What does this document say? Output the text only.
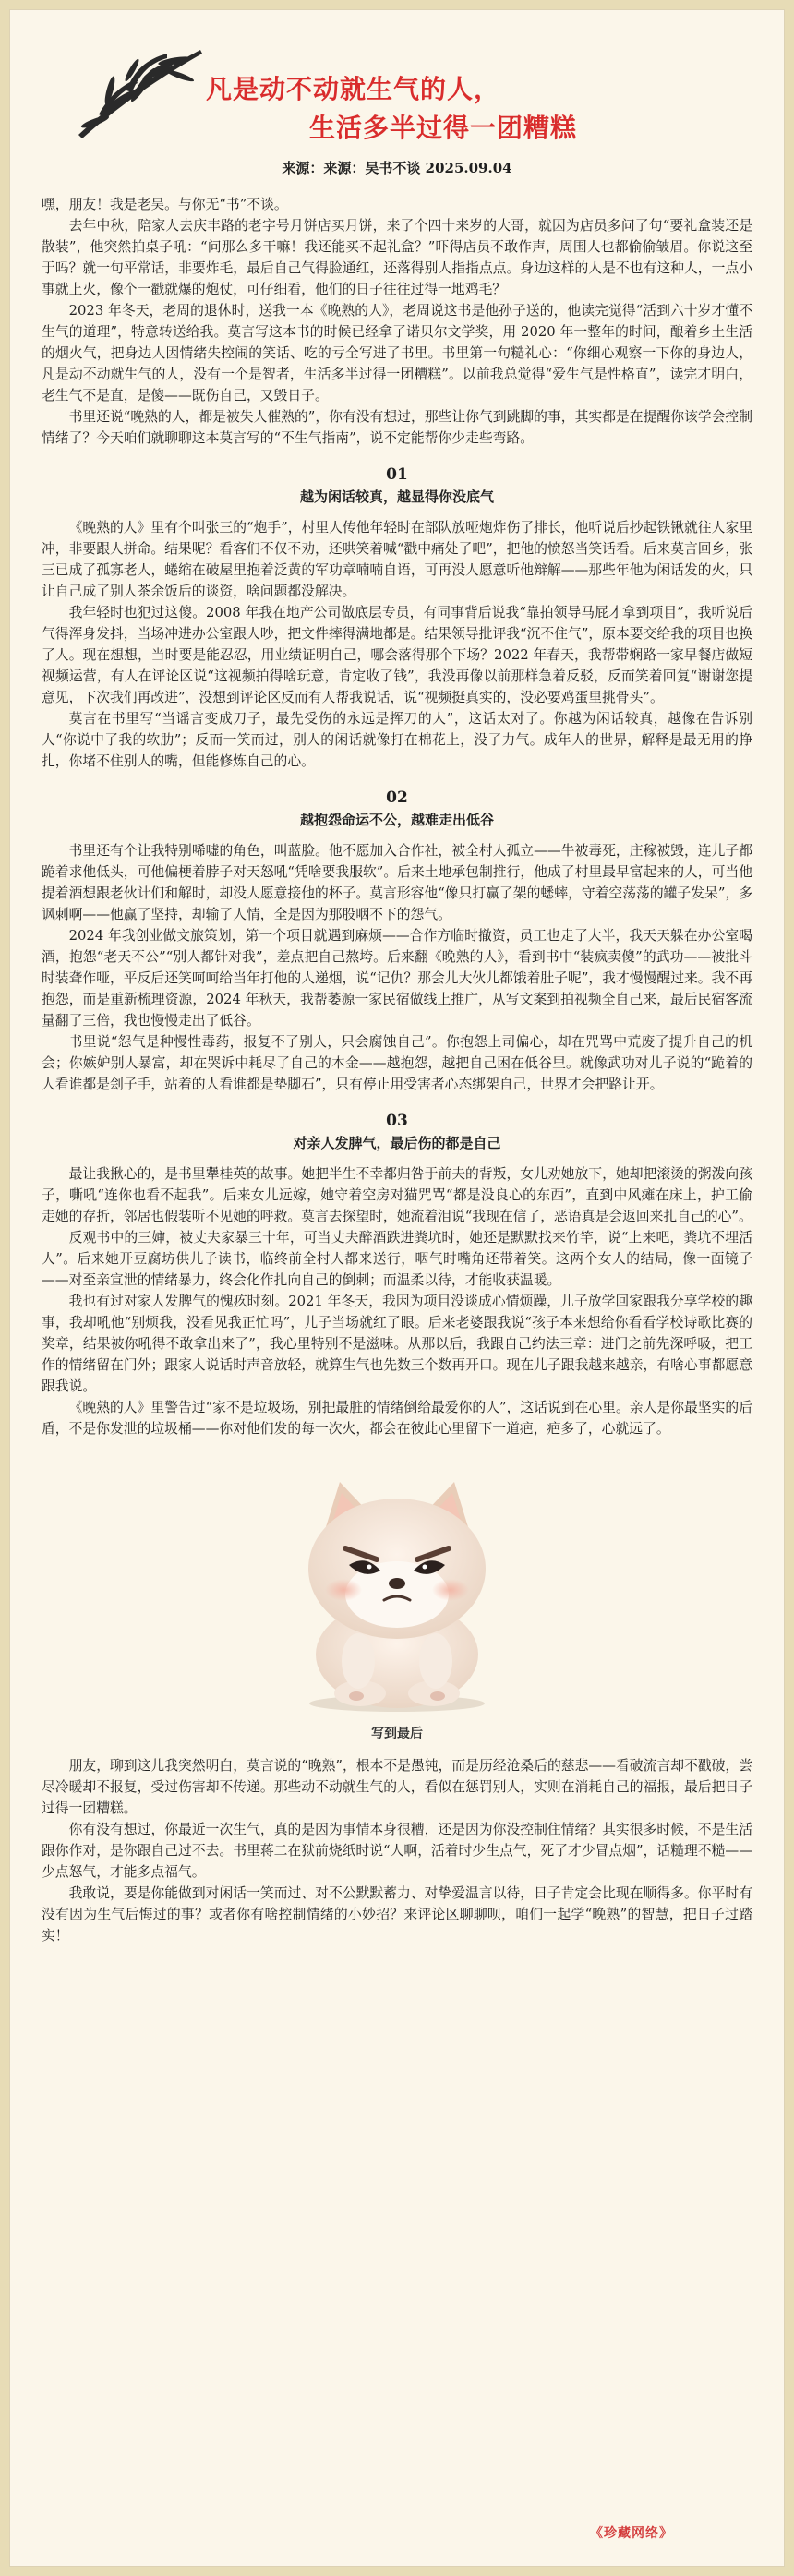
凡是动不动就生气的人，
生活多半过得一团糟糕
来源：来源：吴书不谈 2025.09.04

嘿，朋友！我是老吴。与你无“书”不谈。

去年中秋，陪家人去庆丰路的老字号月饼店买月饼，来了个四十来岁的大哥，就因为店员多问了句“要礼盒装还是散装”，他突然拍桌子吼：“问那么多干嘛！我还能买不起礼盒？”吓得店员不敢作声，周围人也都偷偷皱眉。你说这至于吗？就一句平常话，非要炸毛，最后自己气得脸通红，还落得别人指指点点。身边这样的人是不也有这种人，一点小事就上火，像个一戳就爆的炮仗，可仔细看，他们的日子往往过得一地鸡毛？

2023 年冬天，老周的退休时，送我一本《晚熟的人》，老周说这书是他孙子送的，他读完觉得“活到六十岁才懂不生气的道理”，特意转送给我。莫言写这本书的时候已经拿了诺贝尔文学奖，用 2020 年一整年的时间，酿着乡土生活的烟火气，把身边人因情绪失控闹的笑话、吃的亏全写进了书里。书里第一句糙礼心：“你细心观察一下你的身边人，凡是动不动就生气的人，没有一个是智者，生活多半过得一团糟糕”。以前我总觉得“爱生气是性格直”，读完才明白，老生气不是直，是傻——既伤自己，又毁日子。

书里还说“晚熟的人，都是被失人催熟的”，你有没有想过，那些让你气到跳脚的事，其实都是在提醒你该学会控制情绪了？今天咱们就聊聊这本莫言写的“不生气指南”，说不定能帮你少走些弯路。

01
越为闲话较真，越显得你没底气

《晚熟的人》里有个叫张三的“炮手”，村里人传他年轻时在部队放哑炮炸伤了排长，他听说后抄起铁锹就往人家里冲，非要跟人拼命。结果呢？看客们不仅不劝，还哄笑着喊“戳中痛处了吧”，把他的愤怒当笑话看。后来莫言回乡，张三已成了孤寡老人，蜷缩在破屋里抱着泛黄的军功章喃喃自语，可再没人愿意听他辩解——那些年他为闲话发的火，只让自己成了别人茶余饭后的谈资，啥问题都没解决。

我年轻时也犯过这傻。2008 年我在地产公司做底层专员，有同事背后说我“靠拍领导马屁才拿到项目”，我听说后气得浑身发抖，当场冲进办公室跟人吵，把文件摔得满地都是。结果领导批评我“沉不住气”，原本要交给我的项目也换了人。现在想想，当时要是能忍忍，用业绩证明自己，哪会落得那个下场？2022 年春天，我帮带娴路一家早餐店做短视频运营，有人在评论区说“这视频拍得啥玩意，肯定收了钱”，我没再像以前那样急着反驳，反而笑着回复“谢谢您提意见，下次我们再改进”，没想到评论区反而有人帮我说话，说“视频挺真实的，没必要鸡蛋里挑骨头”。

莫言在书里写“当谣言变成刀子，最先受伤的永远是挥刀的人”，这话太对了。你越为闲话较真，越像在告诉别人“你说中了我的软肋”；反而一笑而过，别人的闲话就像打在棉花上，没了力气。成年人的世界，解释是最无用的挣扎，你堵不住别人的嘴，但能修炼自己的心。

02
越抱怨命运不公，越难走出低谷

书里还有个让我特别唏嘘的角色，叫蓝脸。他不愿加入合作社，被全村人孤立——牛被毒死，庄稼被毁，连儿子都跪着求他低头，可他偏梗着脖子对天怒吼“凭啥要我服软”。后来土地承包制推行，他成了村里最早富起来的人，可当他提着酒想跟老伙计们和解时，却没人愿意接他的杯子。莫言形容他“像只打赢了架的蟋蟀，守着空荡荡的罐子发呆”，多讽刺啊——他赢了坚持，却输了人情，全是因为那股咽不下的怨气。

2024 年我创业做文旅策划，第一个项目就遇到麻烦——合作方临时撤资，员工也走了大半，我天天躲在办公室喝酒，抱怨“老天不公”“别人都针对我”，差点把自己熬垮。后来翻《晚熟的人》，看到书中“装疯卖傻”的武功——被批斗时装聋作哑，平反后还笑呵呵给当年打他的人递烟，说“记仇？那会儿大伙儿都饿着肚子呢”，我才慢慢醒过来。我不再抱怨，而是重新梳理资源，2024 年秋天，我帮萎源一家民宿做线上推广，从写文案到拍视频全自己来，最后民宿客流量翻了三倍，我也慢慢走出了低谷。

书里说“怨气是种慢性毒药，报复不了别人，只会腐蚀自己”。你抱怨上司偏心，却在咒骂中荒废了提升自己的机会；你嫉妒别人暴富，却在哭诉中耗尽了自己的本金——越抱怨，越把自己困在低谷里。就像武功对儿子说的“跪着的人看谁都是刽子手，站着的人看谁都是垫脚石”，只有停止用受害者心态绑架自己，世界才会把路让开。

03
对亲人发脾气，最后伤的都是自己

最让我揪心的，是书里犟桂英的故事。她把半生不幸都归咎于前夫的背叛，女儿劝她放下，她却把滚烫的粥泼向孩子，嘶吼“连你也看不起我”。后来女儿远嫁，她守着空房对猫咒骂“都是没良心的东西”，直到中风瘫在床上，护工偷走她的存折，邻居也假装听不见她的呼救。莫言去探望时，她流着泪说“我现在信了，恶语真是会返回来扎自己的心”。

反观书中的三婶，被丈夫家暴三十年，可当丈夫醉酒跌进粪坑时，她还是默默找来竹竿，说“上来吧，粪坑不埋活人”。后来她开豆腐坊供儿子读书，临终前全村人都来送行，咽气时嘴角还带着笑。这两个女人的结局，像一面镜子——对至亲宣泄的情绪暴力，终会化作扎向自己的倒刺；而温柔以待，才能收获温暖。

我也有过对家人发脾气的愧疚时刻。2021 年冬天，我因为项目没谈成心情烦躁，儿子放学回家跟我分享学校的趣事，我却吼他“别烦我，没看见我正忙吗”，儿子当场就红了眼。后来老婆跟我说“孩子本来想给你看看学校诗歌比赛的奖章，结果被你吼得不敢拿出来了”，我心里特别不是滋味。从那以后，我跟自己约法三章：进门之前先深呼吸，把工作的情绪留在门外；跟家人说话时声音放轻，就算生气也先数三个数再开口。现在儿子跟我越来越亲，有啥心事都愿意跟我说。

《晚熟的人》里警告过“家不是垃圾场，别把最脏的情绪倒给最爱你的人”，这话说到在心里。亲人是你最坚实的后盾，不是你发泄的垃圾桶——你对他们发的每一次火，都会在彼此心里留下一道疤，疤多了，心就远了。

写到最后

朋友，聊到这儿我突然明白，莫言说的“晚熟”，根本不是愚钝，而是历经沧桑后的慈悲——看破流言却不戳破，尝尽冷暖却不报复，受过伤害却不传递。那些动不动就生气的人，看似在惩罚别人，实则在消耗自己的福报，最后把日子过得一团糟糕。

你有没有想过，你最近一次生气，真的是因为事情本身很糟，还是因为你没控制住情绪？其实很多时候，不是生活跟你作对，是你跟自己过不去。书里蒋二在狱前烧纸时说“人啊，活着时少生点气，死了才少冒点烟”，话糙理不糙——少点怒气，才能多点福气。

我敢说，要是你能做到对闲话一笑而过、对不公默默蓄力、对挚爱温言以待，日子肯定会比现在顺得多。你平时有没有因为生气后悔过的事？或者你有啥控制情绪的小妙招？来评论区聊聊呗，咱们一起学“晚熟”的智慧，把日子过踏实！

《珍藏网络》
